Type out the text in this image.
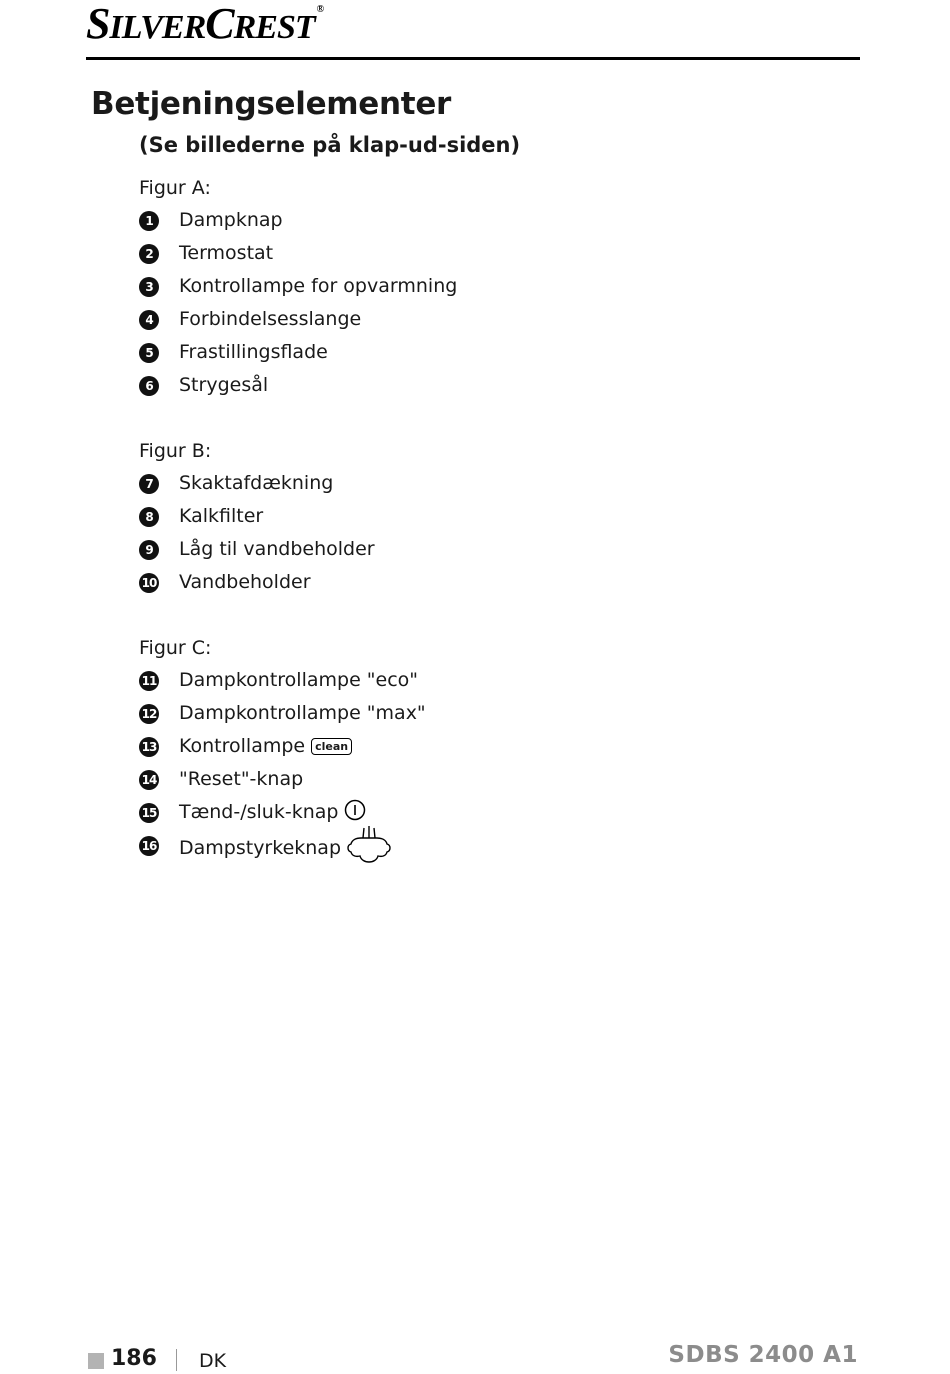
SILVERCREST ®
Betjeningselementer
(Se billederne på klap-ud-siden)

Figur A:

1	Dampknap
2	Termostat
3	Kontrollampe for opvarmning
4	Forbindelsesslange
5	Frastillingsflade
6	Strygesål

Figur B:

7	Skaktafdækning
8	Kalkfilter
9	Låg til vandbeholder
10 Vandbeholder

Figur C:

11 Dampkontrollampe "eco"
12 Dampkontrollampe "max"
13 Kontrollampe clean
14 "Reset"-knap
15 Tænd-/sluk-knap
16 Dampstyrkeknap
186 DK	SDBS 2400 A1
